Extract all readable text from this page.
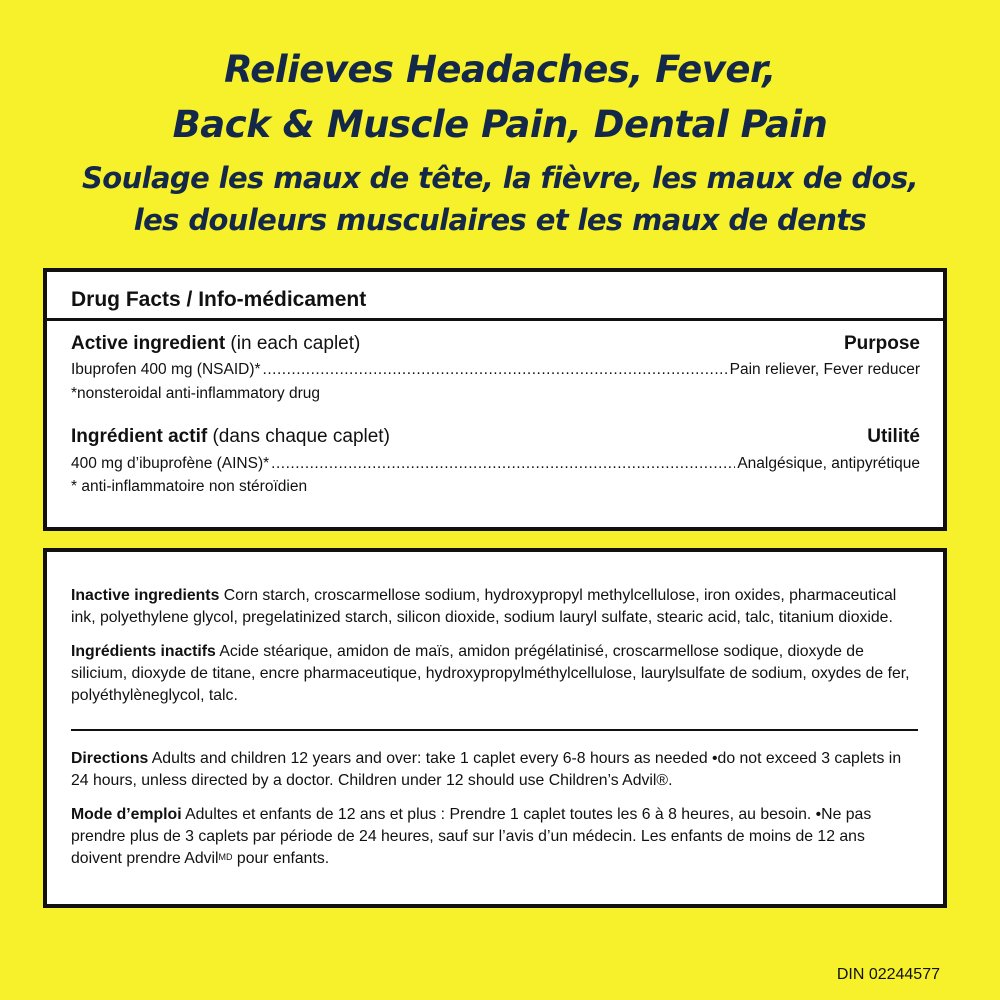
Relieves Headaches, Fever,
Back & Muscle Pain, Dental Pain
Soulage les maux de tête, la fièvre, les maux de dos,
les douleurs musculaires et les maux de dents
Drug Facts / Info-médicament
Active ingredient (in each caplet)	Purpose
Ibuprofen 400 mg (NSAID)* .....	Pain reliever, Fever reducer
*nonsteroidal anti-inflammatory drug
Ingrédient actif (dans chaque caplet)	Utilité
400 mg d’ibuprofène (AINS)* .....	Analgésique, antipyrétique
* anti-inflammatoire non stéroïdien
Inactive ingredients Corn starch, croscarmellose sodium, hydroxypropyl methylcellulose, iron oxides, pharmaceutical ink, polyethylene glycol, pregelatinized starch, silicon dioxide, sodium lauryl sulfate, stearic acid, talc, titanium dioxide.
Ingrédients inactifs Acide stéarique, amidon de maïs, amidon prégélatinisé, croscarmellose sodique, dioxyde de silicium, dioxyde de titane, encre pharmaceutique, hydroxypropylméthylcellulose, laurylsulfate de sodium, oxydes de fer, polyéthylèneglycol, talc.
Directions Adults and children 12 years and over: take 1 caplet every 6-8 hours as needed •do not exceed 3 caplets in 24 hours, unless directed by a doctor. Children under 12 should use Children’s Advil®.
Mode d’emploi Adultes et enfants de 12 ans et plus : Prendre 1 caplet toutes les 6 à 8 heures, au besoin. •Ne pas prendre plus de 3 caplets par période de 24 heures, sauf sur l’avis d’un médecin. Les enfants de moins de 12 ans doivent prendre Advil$^{MD}$ pour enfants.
DIN 02244577
